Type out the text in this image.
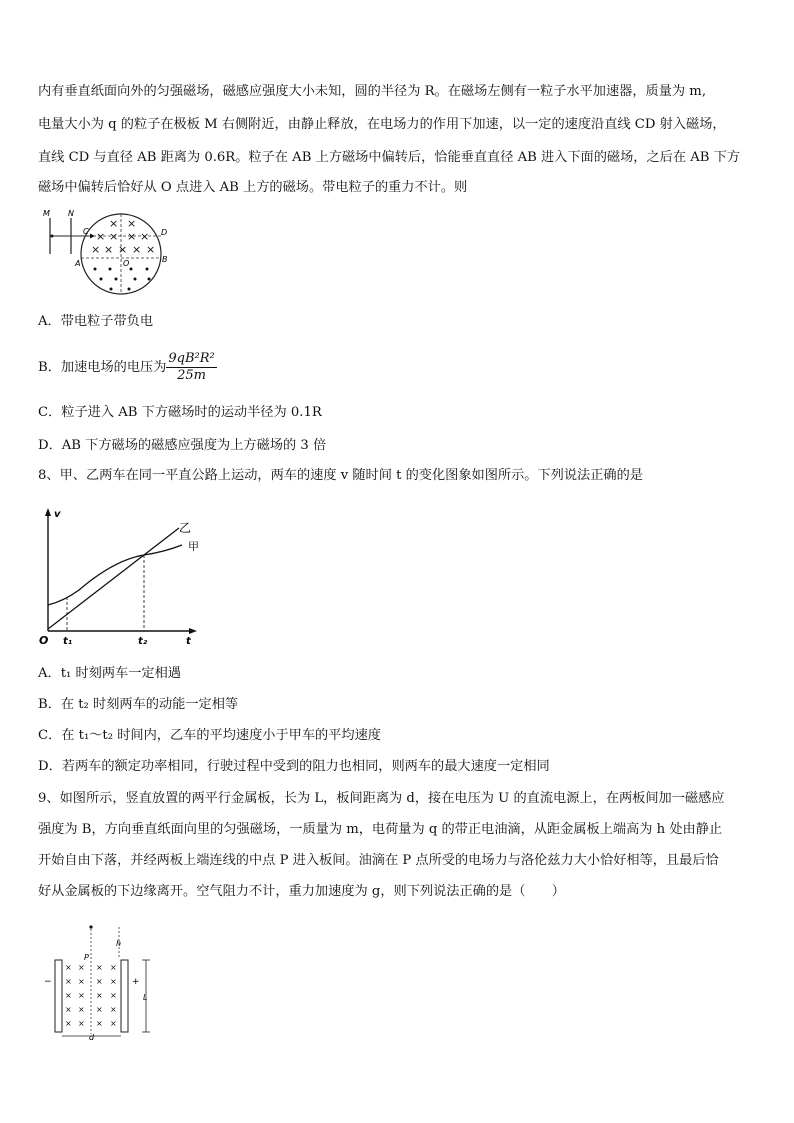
内有垂直纸面向外的匀强磁场，磁感应强度大小未知，圆的半径为 R。在磁场左侧有一粒子水平加速器，质量为 m,
电量大小为 q 的粒子在极板 M 右侧附近，由静止释放，在电场力的作用下加速，以一定的速度沿直线 CD 射入磁场，
直线 CD 与直径 AB 距离为 0.6R。粒子在 AB 上方磁场中偏转后，恰能垂直直径 AB 进入下面的磁场，之后在 AB 下方
磁场中偏转后恰好从 O 点进入 AB 上方的磁场。带电粒子的重力不计。则
M N
C	D
A	B
O
× ×
× × × ×
× × × × ×
A．带电粒子带负电
B．加速电场的电压为 $\frac{\text{9qB²R²}}{25m}$
C．粒子进入 AB 下方磁场时的运动半径为 0.1R
D．AB 下方磁场的磁感应强度为上方磁场的 3 倍
8、甲、乙两车在同一平直公路上运动，两车的速度 v 随时间 t 的变化图象如图所示。下列说法正确的是
v
t
O t₁	t₂
乙
甲
A．t₁ 时刻两车一定相遇
B．在 t₂ 时刻两车的动能一定相等
C．在 t₁～t₂ 时间内，乙车的平均速度小于甲车的平均速度
D．若两车的额定功率相同，行驶过程中受到的阻力也相同，则两车的最大速度一定相同
9、如图所示，竖直放置的两平行金属板，长为 L，板间距离为 d，接在电压为 U 的直流电源上，在两板间加一磁感应
强度为 B，方向垂直纸面向里的匀强磁场，一质量为 m，电荷量为 q 的带正电油滴，从距金属板上端高为 h 处由静止
开始自由下落，并经两板上端连线的中点 P 进入板间。油滴在 P 点所受的电场力与洛伦兹力大小恰好相等，且最后恰
好从金属板的下边缘离开。空气阻力不计，重力加速度为 g，则下列说法正确的是（　　）
h
−	+
P
× × × ×
× × × ×
× × × ×
× × × ×
× × × ×
L
d
